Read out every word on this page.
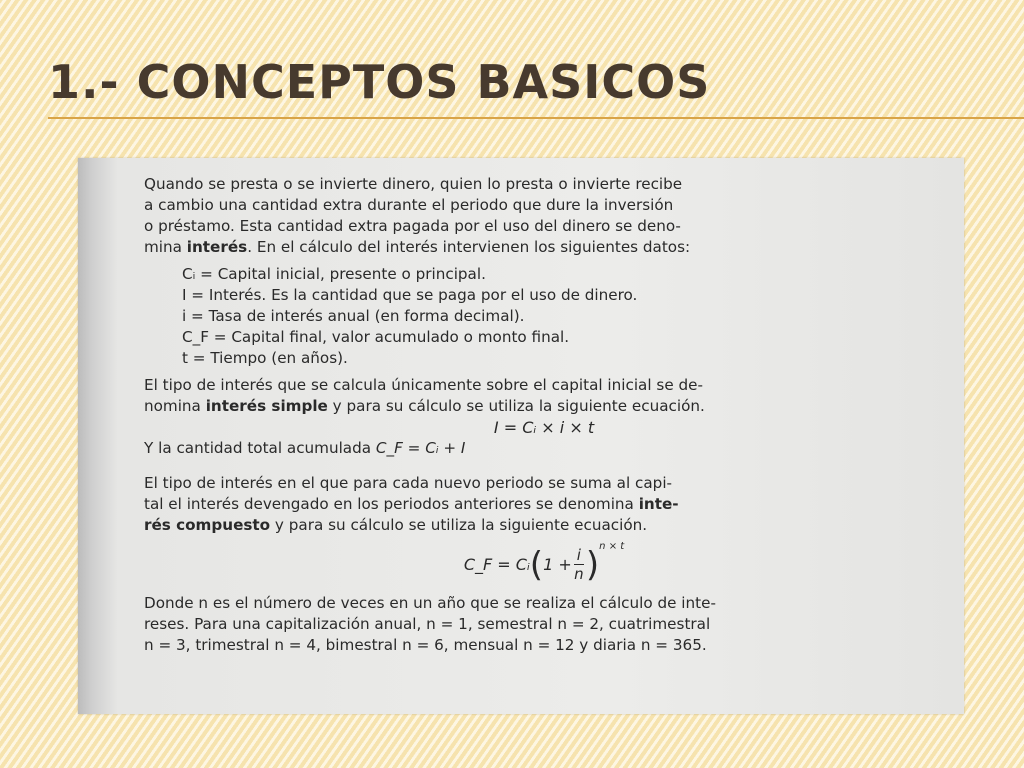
1.- CONCEPTOS BASICOS

Quando se presta o se invierte dinero, quien lo presta o invierte recibe

a cambio una cantidad extra durante el periodo que dure la inversión

o préstamo. Esta cantidad extra pagada por el uso del dinero se deno-

mina interés. En el cálculo del interés intervienen los siguientes datos:

Cᵢ = Capital inicial, presente o principal.

I = Interés. Es la cantidad que se paga por el uso de dinero.

i = Tasa de interés anual (en forma decimal).

C_F = Capital final, valor acumulado o monto final.

t = Tiempo (en años).

El tipo de interés que se calcula únicamente sobre el capital inicial se de-

nomina interés simple y para su cálculo se utiliza la siguiente ecuación.

I = Cᵢ × i × t

Y la cantidad total acumulada C_F = Cᵢ + I

El tipo de interés en el que para cada nuevo periodo se suma al capi-

tal el interés devengado en los periodos anteriores se denomina inte-

rés compuesto y para su cálculo se utiliza la siguiente ecuación.

C_F = Cᵢ ( $1 + \frac{i}{n}$ ) n × t

Donde n es el número de veces en un año que se realiza el cálculo de inte-

reses. Para una capitalización anual, n = 1, semestral n = 2, cuatrimestral

n = 3, trimestral n = 4, bimestral n = 6, mensual n = 12 y diaria n = 365.
